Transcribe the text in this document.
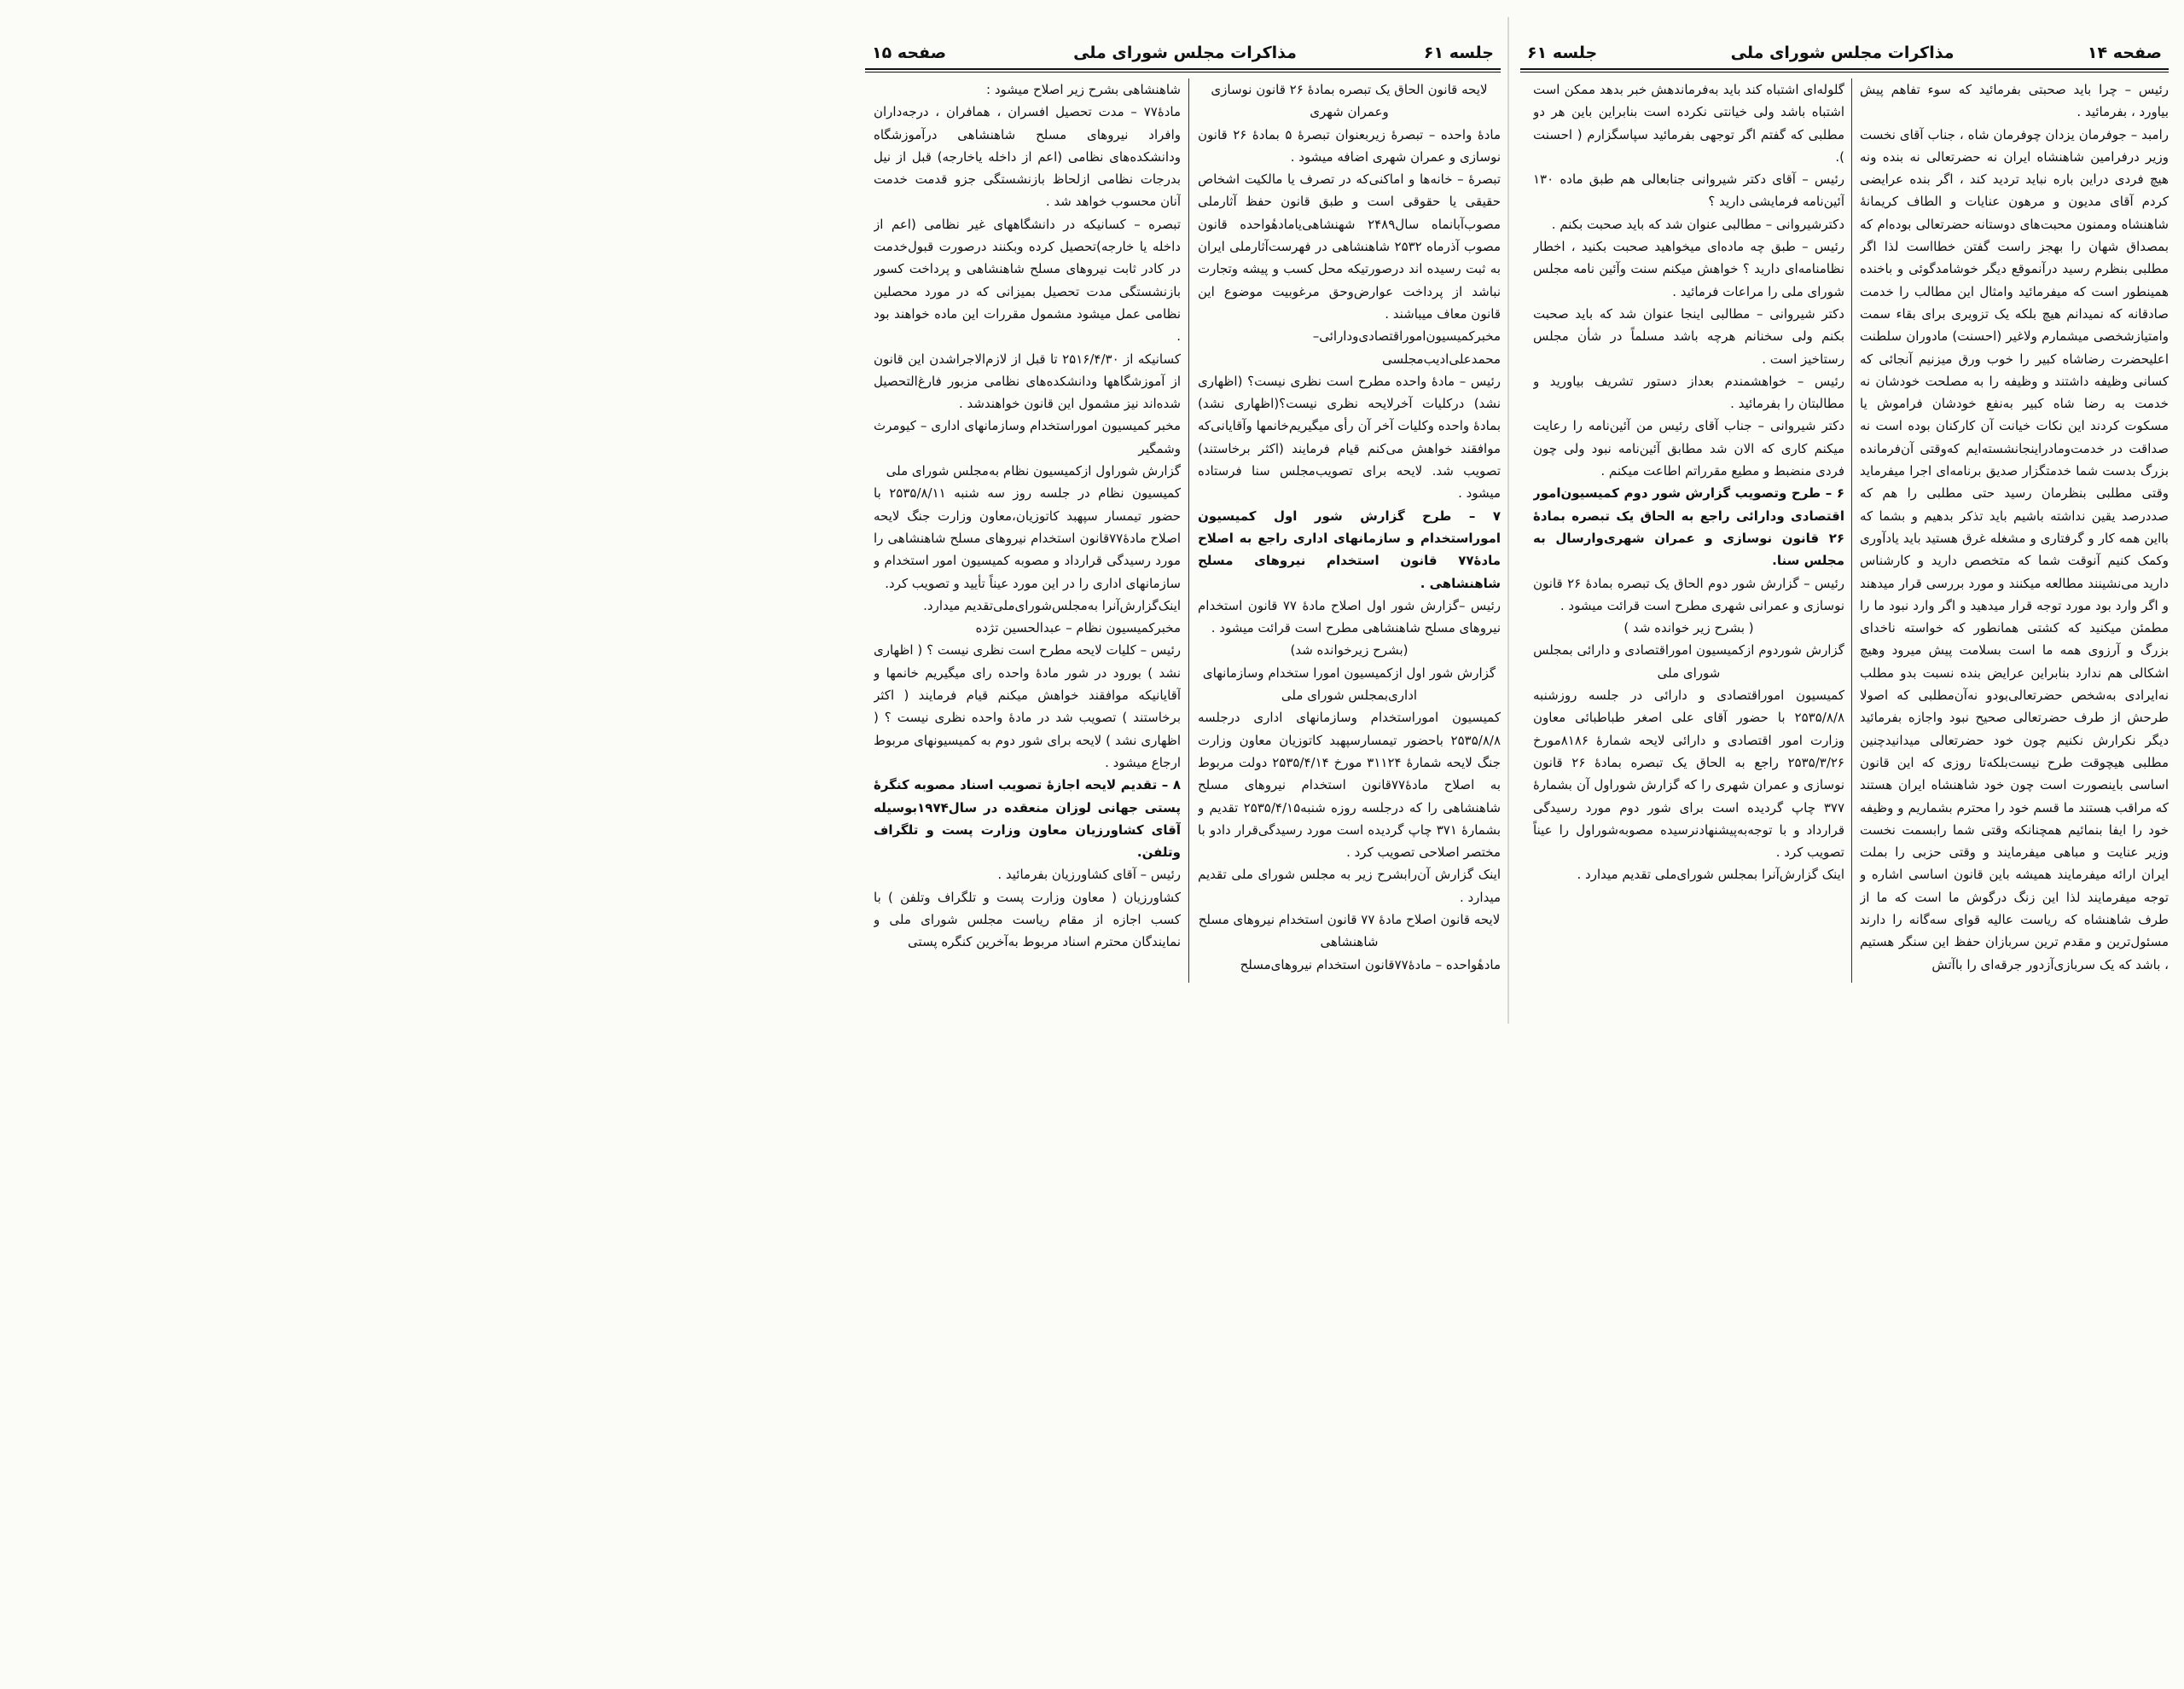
صفحه ۱۴
مذاکرات مجلس شورای ملی
جلسه ۶۱

رئیس – چرا باید صحبتی بفرمائید که سوء تفاهم پیش بیاورد ، بفرمائید .

رامبد – جوفرمان یزدان چوفرمان شاه ، جناب آقای نخست وزیر درفرامین شاهنشاه ایران نه حضرتعالی نه بنده ونه هیچ فردی دراین باره نباید تردید کند ، اگر بنده عرایضی کردم آقای مدیون و مرهون عنایات و الطاف کریمانهٔ شاهنشاه وممنون محبت‌های دوستانه حضرتعالی بوده‌ام که بمصداق شهان را بهجز راست گفتن خطااست لذا اگر مطلبی بنظرم رسید درآنموقع دیگر خوشامدگوئی و باخنده همینطور است که میفرمائید وامثال این مطالب را خدمت صادقانه که نمیدانم هیچ بلکه یک تزویری برای بقاء سمت وامتیازشخصی میشمارم ولاغیر (احسنت) مادوران سلطنت اعلیحضرت رضاشاه کبیر را خوب ورق میزنیم آنجائی که کسانی وظیفه داشتند و وظیفه‌ را به مصلحت خودشان نه خدمت به رضا شاه کبیر به‌نفع خودشان فراموش یا مسکوت کردند این نکات خیانت آن کارکنان بوده است نه صداقت در خدمت‌ومادراینجانشسته‌ایم که‌وقتی آن‌فرمانده بزرگ بدست شما خدمتگزار صدیق برنامه‌ای اجرا میفرماید وقتی مطلبی بنظرمان رسید حتی مطلبی را هم که صددرصد یقین نداشته باشیم باید تذکر بدهیم و بشما که بااین همه کار و گرفتاری و مشغله غرق هستید باید یادآوری وکمک کنیم آنوقت شما که متخصص دارید و کارشناس دارید می‌نشینند مطالعه میکنند و مورد بررسی قرار میدهند و اگر وارد بود مورد توجه قرار میدهید و اگر وارد نبود ما را مطمئن میکنید که کشتی همانطور که خواسته ناخدای بزرگ و آرزوی همه ما است بسلامت پیش میرود وهیچ اشکالی هم ندارد بنابراین عرایض بنده نسبت بدو مطلب نه‌ایرادی به‌شخص حضرتعالی‌بودو نه‌آن‌مطلبی که اصولا طرحش از طرف حضرتعالی صحیح نبود واجازه بفرمائید دیگر نکرارش نکنیم چون خود حضرتعالی میدانیدچنین مطلبی هیچوقت طرح نیست‌بلکه‌تا روزی که این قانون اساسی باینصورت است چون خود شاهنشاه ایران هستند که مراقب هستند ما قسم خود را محترم بشماریم و وظیفه خود را ایفا بنمائیم همچنانکه وقتی شما رابسمت نخست وزیر عنایت و مباهی میفرمایند و وقتی حزبی را بملت ایران ارائه میفرمایند همیشه باین قانون اساسی اشاره و توجه میفرمایند لذا این زنگ درگوش ما است که ما از طرف شاهنشاه که ریاست عالیه قوای سه‌گانه را دارند مسئول‌ترین و مقدم ترین سربازان حفظ این سنگر هستیم ، باشد که یک سربازی‌آزدور جرقه‌ای را باآتش

گلوله‌ای اشتباه کند باید به‌فرماندهش خبر بدهد ممکن است اشتباه باشد ولی خیانتی نکرده است بنابراین باین هر دو مطلبی که گفتم اگر توجهی بفرمائید سپاسگزارم ( احسنت ).

رئیس – آقای دکتر شیروانی جنابعالی هم طبق ماده ۱۳۰ آئین‌نامه فرمایشی دارید ؟

دکترشیروانی – مطالبی عنوان شد که باید صحبت بکنم .

رئیس – طبق چه ماده‌ای میخواهید صحبت بکنید ، اخطار نظامنامه‌ای دارید ؟ خواهش میکنم سنت وآئین نامه مجلس شورای ملی را مراعات فرمائید .

دکتر شیروانی – مطالبی اینجا عنوان شد که باید صحبت بکنم ولی سخنانم هرچه باشد مسلماً در شأن مجلس رستاخیز است .

رئیس – خواهشمندم بعداز دستور تشریف بیاورید و مطالبتان را بفرمائید .

دکتر شیروانی – جناب آقای رئیس من آئین‌نامه را رعایت میکنم کاری که الان شد مطابق آئین‌نامه نبود ولی چون فردی منضبط و مطیع مقرراتم اطاعت میکنم .

۶ – طرح وتصویب گزارش شور دوم کمیسیون‌امور اقتصادی ودارائی راجع به الحاق یک تبصره بمادهٔ ۲۶ قانون نوسازی و عمران شهری‌وارسال به مجلس سنا.

رئیس – گزارش شور دوم الحاق یک تبصره بمادهٔ ۲۶ قانون نوسازی و عمرانی شهری مطرح است قرائت میشود .

( بشرح زیر خوانده شد )

گزارش شوردوم ازکمیسیون اموراقتصادی و دارائی بمجلس شورای ملی

کمیسیون اموراقتصادی و دارائی در جلسه روزشنبه ۲۵۳۵/۸/۸ با حضور آقای علی اصغر طباطبائی معاون وزارت امور اقتصادی و دارائی لایحه شمارهٔ ۸۱۸۶مورخ ۲۵۳۵/۳/۲۶ راجع به الحاق یک تبصره بمادهٔ ۲۶ قانون نوسازی و عمران شهری را که گزارش شوراول آن بشمارهٔ ۳۷۷ چاپ گردیده است برای شور دوم مورد رسیدگی قرارداد و با توجه‌به‌پیشنهادنرسیده مصوبه‌شوراول را عیناً تصویب کرد .

اینک گزارش‌آنرا بمجلس شورای‌ملی تقدیم میدارد .

جلسه ۶۱
مذاکرات مجلس شورای ملی
صفحه ۱۵

لایحه قانون الحاق یک تبصره بمادهٔ ۲۶ قانون نوسازی وعمران شهری

مادهٔ واحده – تبصرهٔ زیربعنوان تبصرهٔ ۵ بمادهٔ ۲۶ قانون نوسازی و عمران شهری اضافه میشود .

تبصرهٔ – خانه‌ها و اماکنی‌که در تصرف یا مالکیت اشخاص حقیقی یا حقوقی است و طبق قانون حفظ آثارملی مصوب‌آبانماه سال۲۴۸۹ شهنشاهی‌یامادهٔواحده قانون مصوب آذرماه ۲۵۳۲ شاهنشاهی در فهرست‌آثارملی ایران به ثبت رسیده اند درصورتیکه محل کسب و پیشه وتجارت نباشد از پرداخت عوارض‌وحق مرغوبیت موضوع این قانون معاف میباشند .

مخبرکمیسیون‌اموراقتصادی‌ودارائی‌–محمدعلی‌ادیب‌مجلسی

رئیس – مادهٔ واحده مطرح است نظری نیست؟ (اظهاری نشد) درکلیات آخرلایحه نظری نیست؟(اظهاری نشد) بمادهٔ واحده وکلیات آخر آن رأی میگیریم‌خانمها وآقایانی‌که موافقند خواهش می‌کنم قیام فرمایند (اکثر برخاستند) تصویب شد. لایحه برای تصویب‌مجلس سنا فرستاده میشود .

۷ – طرح گزارش شور اول کمیسیون اموراستخدام و سازمانهای اداری راجع به اصلاح مادهٔ۷۷ قانون استخدام نیروهای مسلح شاهنشاهی .

رئیس –گزارش شور اول اصلاح مادهٔ ۷۷ قانون استخدام نیروهای مسلح شاهنشاهی مطرح است قرائت میشود .

(بشرح زیرخوانده شد)

گزارش شور اول ازکمیسیون امورا ستخدام وسازمانهای اداری‌بمجلس شورای ملی

کمیسیون اموراستخدام وسازمانهای اداری درجلسه ۲۵۳۵/۸/۸ باحضور تیمسارسپهبد کاتوزیان معاون وزارت جنگ لایحه شمارهٔ ۳۱۱۲۴ مورخ ۲۵۳۵/۴/۱۴ دولت مربوط به اصلاح مادهٔ۷۷قانون استخدام نیروهای مسلح شاهنشاهی را که درجلسه روزه شنبه۲۵۳۵/۴/۱۵ تقدیم و بشمارهٔ ۳۷۱ چاپ گردیده است مورد رسیدگی‌قرار دادو با مختصر اصلاحی تصویب کرد .

اینک گزارش آن‌رابشرح زیر به مجلس شورای ملی تقدیم میدارد .

لایحه قانون اصلاح مادهٔ ۷۷ قانون استخدام نیروهای مسلح شاهنشاهی

مادهٔواحده – مادهٔ۷۷قانون استخدام نیروهای‌مسلح

شاهنشاهی بشرح زیر اصلاح میشود :

مادهٔ۷۷ – مدت تحصیل افسران ، همافران ، درجه‌داران وافراد نیروهای مسلح شاهنشاهی درآموزشگاه ودانشکده‌های نظامی (اعم از داخله یاخارجه) قبل از نیل بدرجات نظامی ازلحاظ بازنشستگی جزو قدمت خدمت آنان محسوب خواهد شد .

تبصره – کسانیکه در دانشگاههای غیر نظامی (اعم از داخله یا خارجه)تحصیل کرده وبکنند درصورت قبول‌خدمت در کادر ثابت نیروهای مسلح شاهنشاهی و پرداخت کسور بازنشستگی مدت تحصیل بمیزانی که در مورد محصلین نظامی عمل میشود مشمول مقررات این ماده خواهند بود .

کسانیکه از ۲۵۱۶/۴/۳۰ تا قبل از لازم‌الاجراشدن این قانون از آموزشگاهها ودانشکده‌های نظامی مزبور فارغ‌التحصیل شده‌اند نیز مشمول این قانون خواهندشد .

مخبر کمیسیون اموراستخدام وسازمانهای اداری – کیومرث وشمگیر

گزارش شوراول ازکمیسیون نظام به‌مجلس شورای ملی

کمیسیون نظام در جلسه روز سه شنبه ۲۵۳۵/۸/۱۱ با حضور تیمسار سپهبد کاتوزیان،معاون وزارت جنگ لایحه اصلاح مادهٔ۷۷قانون استخدام نیروهای مسلح شاهنشاهی را مورد رسیدگی قرارداد و مصوبه کمیسیون امور استخدام و سازمانهای اداری را در این مورد عیناً تأیید و تصویب کرد.

اینک‌گزارش‌آنرا به‌مجلس‌شورای‌ملی‌تقدیم میدارد.

مخبرکمیسیون نظام – عبدالحسین تژده

رئیس – کلیات لایحه مطرح است نظری نیست ؟ ( اظهاری نشد ) بورود در شور مادهٔ واحده رای میگیریم خانمها و آقایانیکه موافقند خواهش میکنم قیام فرمایند ( اکثر برخاستند ) تصویب شد در مادهٔ واحده نظری نیست ؟ ( اظهاری نشد ) لایحه برای شور دوم به کمیسیونهای مربوط ارجاع میشود .

۸ – تقدیم لایحه اجازهٔ تصویب اسناد مصوبه کنگرهٔ پستی جهانی لوزان منعقده در سال۱۹۷۴بوسیله آقای کشاورزیان معاون وزارت پست و تلگراف وتلفن.

رئیس – آقای کشاورزیان بفرمائید .

کشاورزیان ( معاون وزارت پست و تلگراف وتلفن ) با کسب اجازه از مقام ریاست مجلس شورای ملی و نمایندگان محترم اسناد مربوط به‌آخرین کنگره پستی
